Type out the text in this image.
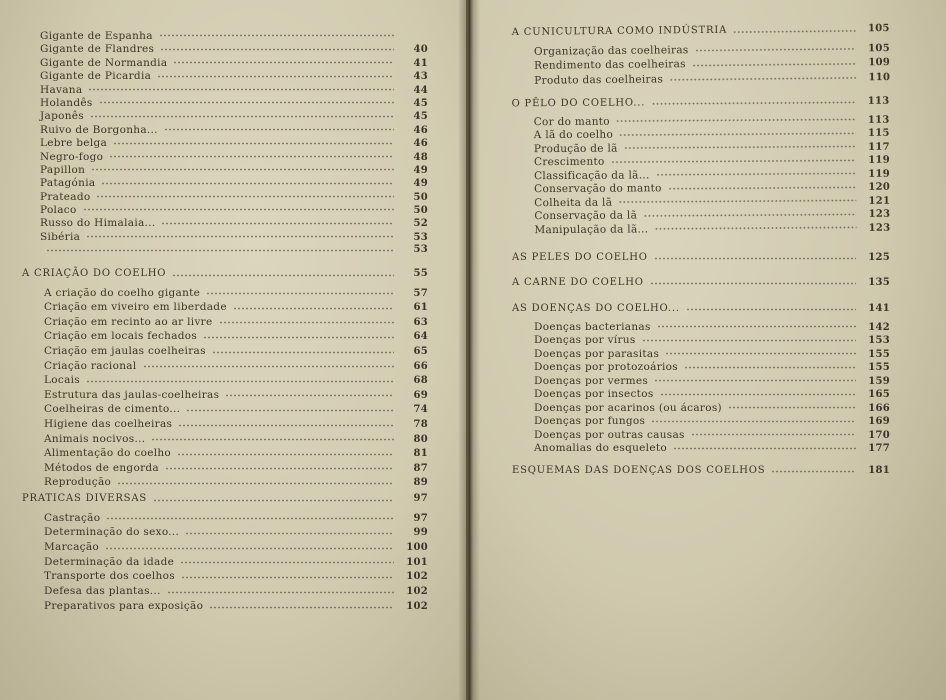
Gigante de Espanha
Gigante de Flandres	40
Gigante de Normandia	41
Gigante de Picardia	43
Havana	44
Holandês	45
Japonês	45
Ruivo de Borgonha...	46
Lebre belga	46
Negro-fogo	48
Papillon	49
Patagónia	49
Prateado	50
Polaco	50
Russo do Himalaia...	52
Sibéria	53
53
A CRIAÇÃO DO COELHO	55
A criação do coelho gigante	57
Criação em viveiro em liberdade	61
Criação em recinto ao ar livre	63
Criação em locais fechados	64
Criação em jaulas coelheiras	65
Criação racional	66
Locais	68
Estrutura das jaulas-coelheiras	69
Coelheiras de cimento...	74
Higiene das coelheiras	78
Animais nocivos...	80
Alimentação do coelho	81
Métodos de engorda	87
Reprodução	89
PRATICAS DIVERSAS	97
Castração	97
Determinação do sexo...	99
Marcação	100
Determinação da idade	101
Transporte dos coelhos	102
Defesa das plantas...	102
Preparativos para exposição	102
A CUNICULTURA COMO INDÚSTRIA	105
Organização das coelheiras	105
Rendimento das coelheiras	109
Produto das coelheiras	110
O PÊLO DO COELHO...	113
Cor do manto	113
A lã do coelho	115
Produção de lã	117
Crescimento	119
Classificação da lã...	119
Conservação do manto	120
Colheita da lã	121
Conservação da lã	123
Manipulação da lã...	123
AS PELES DO COELHO	125
A CARNE DO COELHO	135
AS DOENÇAS DO COELHO...	141
Doenças bacterianas	142
Doenças por vírus	153
Doenças por parasitas	155
Doenças por protozoários	155
Doenças por vermes	159
Doenças por insectos	165
Doenças por acarinos (ou ácaros)	166
Doenças por fungos	169
Doenças por outras causas	170
Anomalias do esqueleto	177
ESQUEMAS DAS DOENÇAS DOS COELHOS	181
